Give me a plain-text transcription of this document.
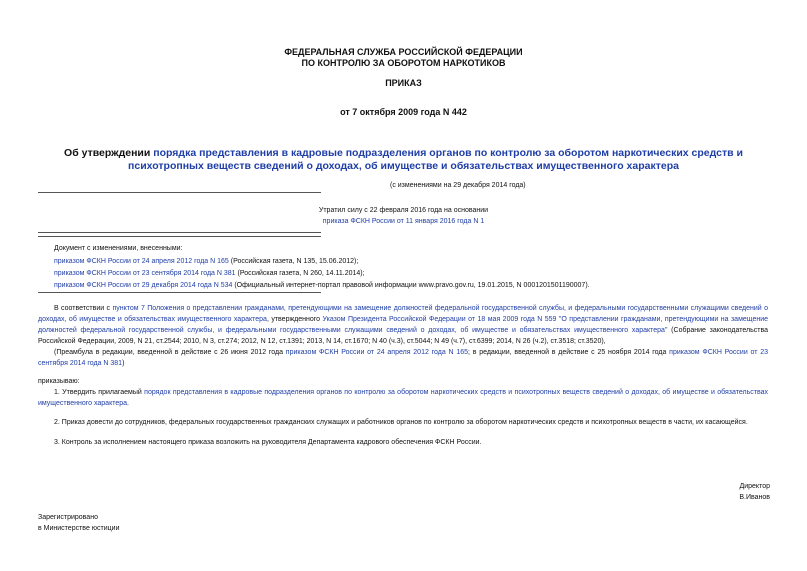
ФЕДЕРАЛЬНАЯ СЛУЖБА РОССИЙСКОЙ ФЕДЕРАЦИИ
ПО КОНТРОЛЮ ЗА ОБОРОТОМ НАРКОТИКОВ
ПРИКАЗ
от 7 октября 2009 года N 442
Об утверждении порядка представления в кадровые подразделения органов по контролю за оборотом наркотических средств и психотропных веществ сведений о доходах, об имуществе и обязательствах имущественного характера
(с изменениями на 29 декабря 2014 года)
Утратил силу с 22 февраля 2016 года на основании
приказа ФСКН России от 11 января 2016 года N 1
Документ с изменениями, внесенными:
приказом ФСКН России от 24 апреля 2012 года N 165 (Российская газета, N 135, 15.06.2012);
приказом ФСКН России от 23 сентября 2014 года N 381 (Российская газета, N 260, 14.11.2014);
приказом ФСКН России от 29 декабря 2014 года N 534 (Официальный интернет-портал правовой информации www.pravo.gov.ru, 19.01.2015, N 0001201501190007).
В соответствии с пунктом 7 Положения о представлении гражданами, претендующими на замещение должностей федеральной государственной службы, и федеральными государственными служащими сведений о доходах, об имуществе и обязательствах имущественного характера, утвержденного Указом Президента Российской Федерации от 18 мая 2009 года N 559 "О представлении гражданами, претендующими на замещение должностей федеральной государственной службы, и федеральными государственными служащими сведений о доходах, об имуществе и обязательствах имущественного характера" (Собрание законодательства Российской Федерации, 2009, N 21, ст.2544; 2010, N 3, ст.274; 2012, N 12, ст.1391; 2013, N 14, ст.1670; N 40 (ч.3), ст.5044; N 49 (ч.7), ст.6399; 2014, N 26 (ч.2), ст.3518; ст.3520),
(Преамбула в редакции, введенной в действие с 26 июня 2012 года приказом ФСКН России от 24 апреля 2012 года N 165; в редакции, введенной в действие с 25 ноября 2014 года приказом ФСКН России от 23 сентября 2014 года N 381)
приказываю:
1. Утвердить прилагаемый порядок представления в кадровые подразделения органов по контролю за оборотом наркотических средств и психотропных веществ сведений о доходах, об имуществе и обязательствах имущественного характера.
2. Приказ довести до сотрудников, федеральных государственных гражданских служащих и работников органов по контролю за оборотом наркотических средств и психотропных веществ в части, их касающейся.
3. Контроль за исполнением настоящего приказа возложить на руководителя Департамента кадрового обеспечения ФСКН России.
Директор
В.Иванов
Зарегистрировано
в Министерстве юстиции
